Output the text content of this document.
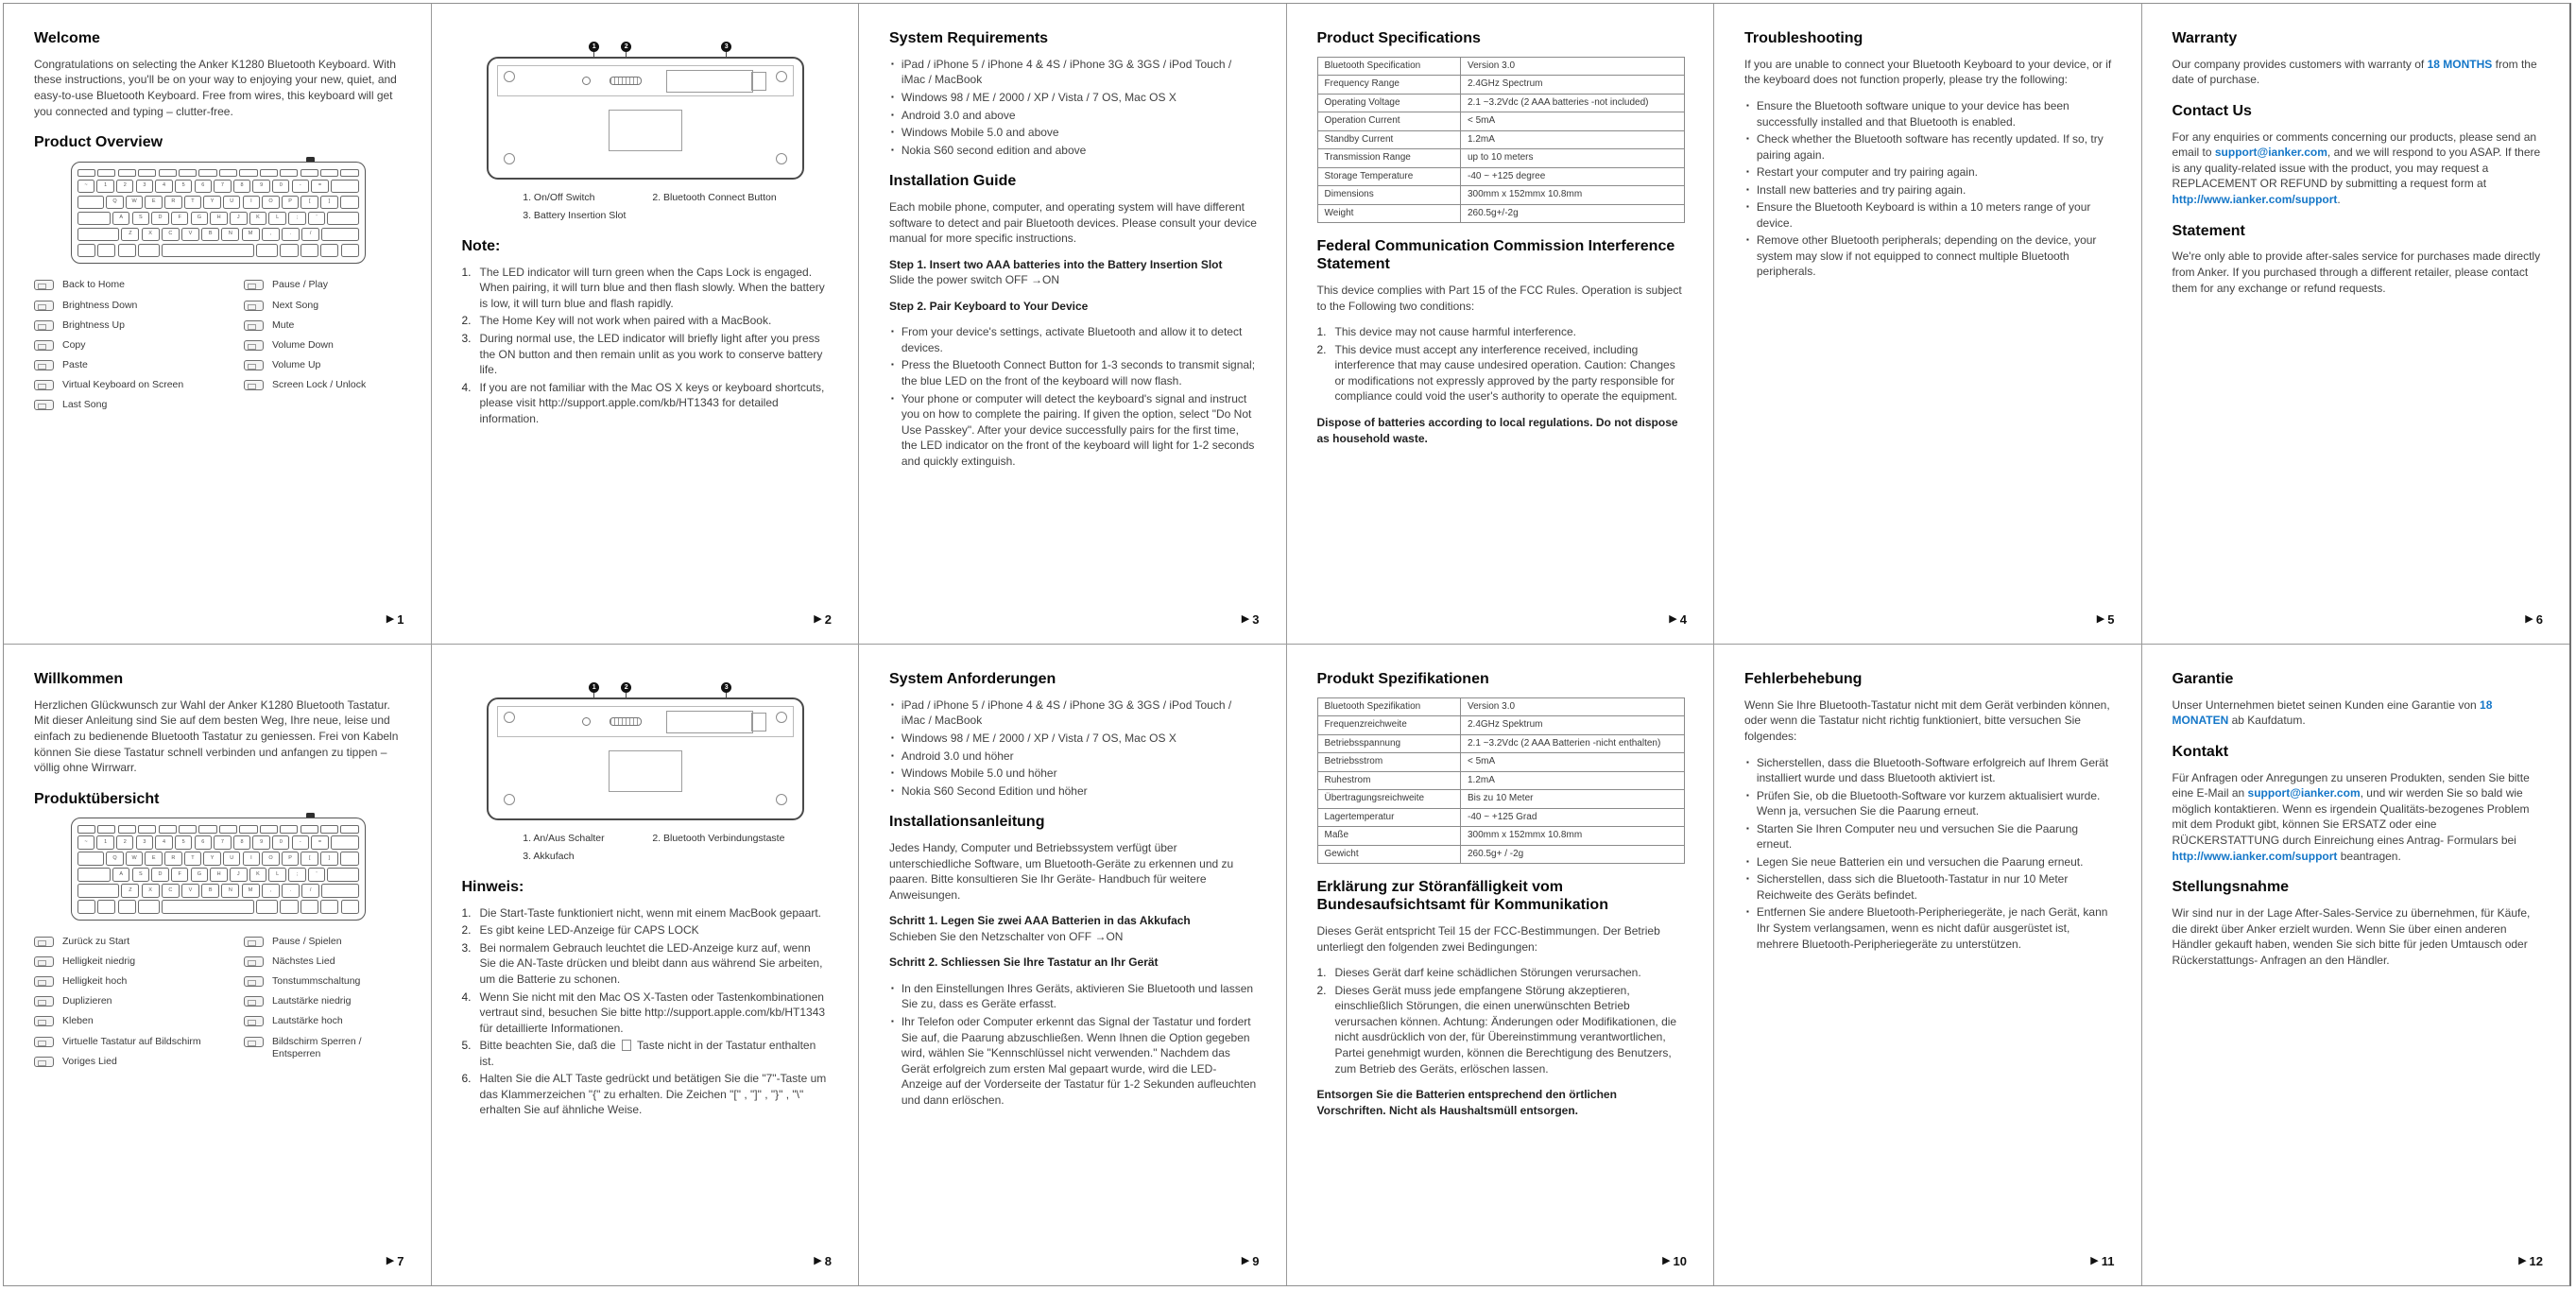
Welcome

Congratulations on selecting the Anker K1280 Bluetooth Keyboard. With these instructions, you'll be on your way to enjoying your new, quiet, and easy-to-use Bluetooth Keyboard. Free from wires, this keyboard will get you connected and typing – clutter-free.

Product Overview
~	1	2	3	4	5	6	7	8	9	0	-	=
Q	W	E	R	T	Y	U	I	O	P	[	]
A	S	D	F	G	H	J	K	L	;	'
Z	X	C	V	B	N	M	,	.	/
Back to Home
Brightness Down
Brightness Up
Copy
Paste
Virtual Keyboard on Screen
Last Song
Pause / Play
Next Song
Mute
Volume Down
Volume Up
Screen Lock / Unlock
▶ 1
1	2	3
1. On/Off Switch	2. Bluetooth Connect Button
3. Battery Insertion Slot
Note:
1. The LED indicator will turn green when the Caps Lock is engaged. When pairing, it will turn blue and then flash slowly. When the battery is low, it will turn blue and flash rapidly.
2. The Home Key will not work when paired with a MacBook.
3. During normal use, the LED indicator will briefly light after you press the ON button and then remain unlit as you work to conserve battery life.
4. If you are not familiar with the Mac OS X keys or keyboard shortcuts, please visit http://support.apple.com/kb/HT1343 for detailed information.
▶ 2
System Requirements
▪ iPad / iPhone 5 / iPhone 4 & 4S / iPhone 3G & 3GS / iPod Touch / iMac / MacBook
▪ Windows 98 / ME / 2000 / XP / Vista / 7 OS, Mac OS X
▪ Android 3.0 and above
▪ Windows Mobile 5.0 and above
▪ Nokia S60 second edition and above
Installation Guide

Each mobile phone, computer, and operating system will have different software to detect and pair Bluetooth devices. Please consult your device manual for more specific instructions.

Step 1. Insert two AAA batteries into the Battery Insertion Slot

Slide the power switch OFF →ON

Step 2. Pair Keyboard to Your Device

▪ From your device's settings, activate Bluetooth and allow it to detect devices.
▪ Press the Bluetooth Connect Button for 1-3 seconds to transmit signal; the blue LED on the front of the keyboard will now flash.
▪ Your phone or computer will detect the keyboard's signal and instruct you on how to complete the pairing. If given the option, select "Do Not Use Passkey". After your device successfully pairs for the first time, the LED indicator on the front of the keyboard will light for 1-2 seconds and quickly extinguish.
▶ 3
Product Specifications
Bluetooth Specification	Version 3.0
Frequency Range	2.4GHz Spectrum
Operating Voltage	2.1 ~3.2Vdc (2 AAA batteries -not included)
Operation Current	< 5mA
Standby Current	1.2mA
Transmission Range	up to 10 meters
Storage Temperature	-40 ~ +125 degree
Dimensions	300mm x 152mmx 10.8mm
Weight	260.5g+/-2g
Federal Communication Commission Interference Statement

This device complies with Part 15 of the FCC Rules. Operation is subject to the Following two conditions:

1. This device may not cause harmful interference.
2. This device must accept any interference received, including interference that may cause undesired operation. Caution: Changes or modifications not expressly approved by the party responsible for compliance could void the user's authority to operate the equipment.

Dispose of batteries according to local regulations. Do not dispose as household waste.

▶ 4
Troubleshooting

If you are unable to connect your Bluetooth Keyboard to your device, or if the keyboard does not function properly, please try the following:

▪ Ensure the Bluetooth software unique to your device has been successfully installed and that Bluetooth is enabled.
▪ Check whether the Bluetooth software has recently updated. If so, try pairing again.
▪ Restart your computer and try pairing again.
▪ Install new batteries and try pairing again.
▪ Ensure the Bluetooth Keyboard is within a 10 meters range of your device.
▪ Remove other Bluetooth peripherals; depending on the device, your system may slow if not equipped to connect multiple Bluetooth peripherals.
▶ 5
Warranty

Our company provides customers with warranty of 18 MONTHS from the date of purchase.

Contact Us

For any enquiries or comments concerning our products, please send an email to support@ianker.com, and we will respond to you ASAP. If there is any quality-related issue with the product, you may request a REPLACEMENT OR REFUND by submitting a request form at http://www.ianker.com/support.

Statement

We're only able to provide after-sales service for purchases made directly from Anker. If you purchased through a different retailer, please contact them for any exchange or refund requests.

▶ 6
Willkommen

Herzlichen Glückwunsch zur Wahl der Anker K1280 Bluetooth Tastatur. Mit dieser Anleitung sind Sie auf dem besten Weg, Ihre neue, leise und einfach zu bedienende Bluetooth Tastatur zu geniessen. Frei von Kabeln können Sie diese Tastatur schnell verbinden und anfangen zu tippen – völlig ohne Wirrwarr.

Produktübersicht
~	1	2	3	4	5	6	7	8	9	0	-	=
Q	W	E	R	T	Y	U	I	O	P	[	]
A	S	D	F	G	H	J	K	L	;	'
Z	X	C	V	B	N	M	,	.	/
Zurück zu Start
Helligkeit niedrig
Helligkeit hoch
Duplizieren
Kleben
Virtuelle Tastatur auf Bildschirm
Voriges Lied
Pause / Spielen
Nächstes Lied
Tonstummschaltung
Lautstärke niedrig
Lautstärke hoch
Bildschirm Sperren / Entsperren
▶ 7
1	2	3
1. An/Aus Schalter	2. Bluetooth Verbindungstaste
3. Akkufach
Hinweis:
1. Die Start-Taste funktioniert nicht, wenn mit einem MacBook gepaart.
2. Es gibt keine LED-Anzeige für CAPS LOCK
3. Bei normalem Gebrauch leuchtet die LED-Anzeige kurz auf, wenn Sie die AN-Taste drücken und bleibt dann aus während Sie arbeiten, um die Batterie zu schonen.
4. Wenn Sie nicht mit den Mac OS X-Tasten oder Tastenkombinationen vertraut sind, besuchen Sie bitte http://support.apple.com/kb/HT1343 für detaillierte Informationen.
5. Bitte beachten Sie, daß die  Taste nicht in der Tastatur enthalten ist.
6. Halten Sie die ALT Taste gedrückt und betätigen Sie die "7"-Taste um das Klammerzeichen "{" zu erhalten. Die Zeichen "[" , "]" , "}" , "\" erhalten Sie auf ähnliche Weise.
▶ 8
System Anforderungen
▪ iPad / iPhone 5 / iPhone 4 & 4S / iPhone 3G & 3GS / iPod Touch / iMac / MacBook
▪ Windows 98 / ME / 2000 / XP / Vista / 7 OS, Mac OS X
▪ Android 3.0 und höher
▪ Windows Mobile 5.0 und höher
▪ Nokia S60 Second Edition und höher
Installationsanleitung

Jedes Handy, Computer und Betriebssystem verfügt über unterschiedliche Software, um Bluetooth-Geräte zu erkennen und zu paaren. Bitte konsultieren Sie Ihr Geräte- Handbuch für weitere Anweisungen.

Schritt 1. Legen Sie zwei AAA Batterien in das Akkufach

Schieben Sie den Netzschalter von OFF →ON

Schritt 2. Schliessen Sie Ihre Tastatur an Ihr Gerät

▪ In den Einstellungen Ihres Geräts, aktivieren Sie Bluetooth und lassen Sie zu, dass es Geräte erfasst.
▪ Ihr Telefon oder Computer erkennt das Signal der Tastatur und fordert Sie auf, die Paarung abzuschließen. Wenn Ihnen die Option gegeben wird, wählen Sie "Kennschlüssel nicht verwenden." Nachdem das Gerät erfolgreich zum ersten Mal gepaart wurde, wird die LED-Anzeige auf der Vorderseite der Tastatur für 1-2 Sekunden aufleuchten und dann erlöschen.
▶ 9
Produkt Spezifikationen
Bluetooth Spezifikation	Version 3.0
Frequenzreichweite	2.4GHz Spektrum
Betriebsspannung	2.1 ~3.2Vdc (2 AAA Batterien -nicht enthalten)
Betriebsstrom	< 5mA
Ruhestrom	1.2mA
Übertragungsreichweite	Bis zu 10 Meter
Lagertemperatur	-40 ~ +125 Grad
Maße	300mm x 152mmx 10.8mm
Gewicht	260.5g+ / -2g
Erklärung zur Störanfälligkeit vom Bundesaufsichtsamt für Kommunikation

Dieses Gerät entspricht Teil 15 der FCC-Bestimmungen. Der Betrieb unterliegt den folgenden zwei Bedingungen:

1. Dieses Gerät darf keine schädlichen Störungen verursachen.
2. Dieses Gerät muss jede empfangene Störung akzeptieren, einschließlich Störungen, die einen unerwünschten Betrieb verursachen können. Achtung: Änderungen oder Modifikationen, die nicht ausdrücklich von der, für Übereinstimmung verantwortlichen, Partei genehmigt wurden, können die Berechtigung des Benutzers, zum Betrieb des Geräts, erlöschen lassen.

Entsorgen Sie die Batterien entsprechend den örtlichen Vorschriften. Nicht als Haushaltsmüll entsorgen.

▶ 10
Fehlerbehebung

Wenn Sie Ihre Bluetooth-Tastatur nicht mit dem Gerät verbinden können, oder wenn die Tastatur nicht richtig funktioniert, bitte versuchen Sie folgendes:

▪ Sicherstellen, dass die Bluetooth-Software erfolgreich auf Ihrem Gerät installiert wurde und dass Bluetooth aktiviert ist.
▪ Prüfen Sie, ob die Bluetooth-Software vor kurzem aktualisiert wurde. Wenn ja, versuchen Sie die Paarung erneut.
▪ Starten Sie Ihren Computer neu und versuchen Sie die Paarung erneut.
▪ Legen Sie neue Batterien ein und versuchen die Paarung erneut.
▪ Sicherstellen, dass sich die Bluetooth-Tastatur in nur 10 Meter Reichweite des Geräts befindet.
▪ Entfernen Sie andere Bluetooth-Peripheriegeräte, je nach Gerät, kann Ihr System verlangsamen, wenn es nicht dafür ausgerüstet ist, mehrere Bluetooth-Peripheriegeräte zu unterstützen.
▶ 11
Garantie

Unser Unternehmen bietet seinen Kunden eine Garantie von 18 MONATEN ab Kaufdatum.

Kontakt

Für Anfragen oder Anregungen zu unseren Produkten, senden Sie bitte eine E-Mail an support@ianker.com, und wir werden Sie so bald wie möglich kontaktieren. Wenn es irgendein Qualitäts-bezogenes Problem mit dem Produkt gibt, können Sie ERSATZ oder eine RÜCKERSTATTUNG durch Einreichung eines Antrag- Formulars bei http://www.ianker.com/support beantragen.

Stellungsnahme

Wir sind nur in der Lage After-Sales-Service zu übernehmen, für Käufe, die direkt über Anker erzielt wurden. Wenn Sie über einen anderen Händler gekauft haben, wenden Sie sich bitte für jeden Umtausch oder Rückerstattungs- Anfragen an den Händler.

▶ 12
